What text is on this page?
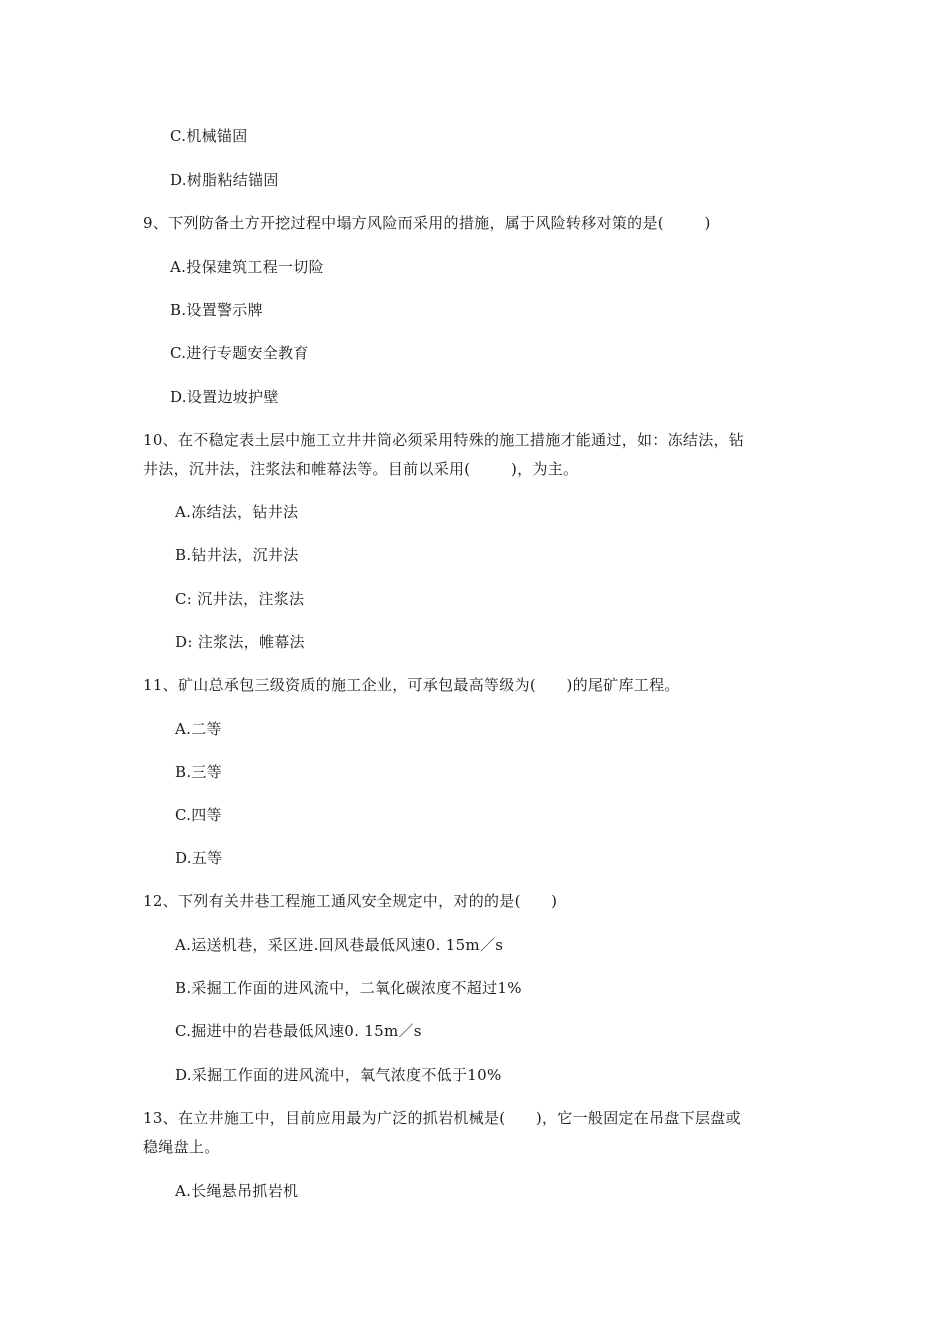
C.机械锚固
D.树脂粘结锚固
9、下列防备土方开挖过程中塌方风险而采用的措施，属于风险转移对策的是(        )
A.投保建筑工程一切险
B.设置警示牌
C.进行专题安全教育
D.设置边坡护壁
10、在不稳定表土层中施工立井井筒必须采用特殊的施工措施才能通过，如：冻结法，钻
井法，沉井法，注浆法和帷幕法等。目前以采用(        )，为主。
A.冻结法，钻井法
B.钻井法，沉井法
C: 沉井法，注浆法
D: 注浆法，帷幕法
11、矿山总承包三级资质的施工企业，可承包最高等级为(      )的尾矿库工程。
A.二等
B.三等
C.四等
D.五等
12、下列有关井巷工程施工通风安全规定中，对的的是(      )
A.运送机巷，采区进.回风巷最低风速0. 15m／s
B.采掘工作面的进风流中，二氧化碳浓度不超过1%
C.掘进中的岩巷最低风速0. 15m／s
D.采掘工作面的进风流中，氧气浓度不低于10%
13、在立井施工中，目前应用最为广泛的抓岩机械是(      )，它一般固定在吊盘下层盘或
稳绳盘上。
A.长绳悬吊抓岩机
